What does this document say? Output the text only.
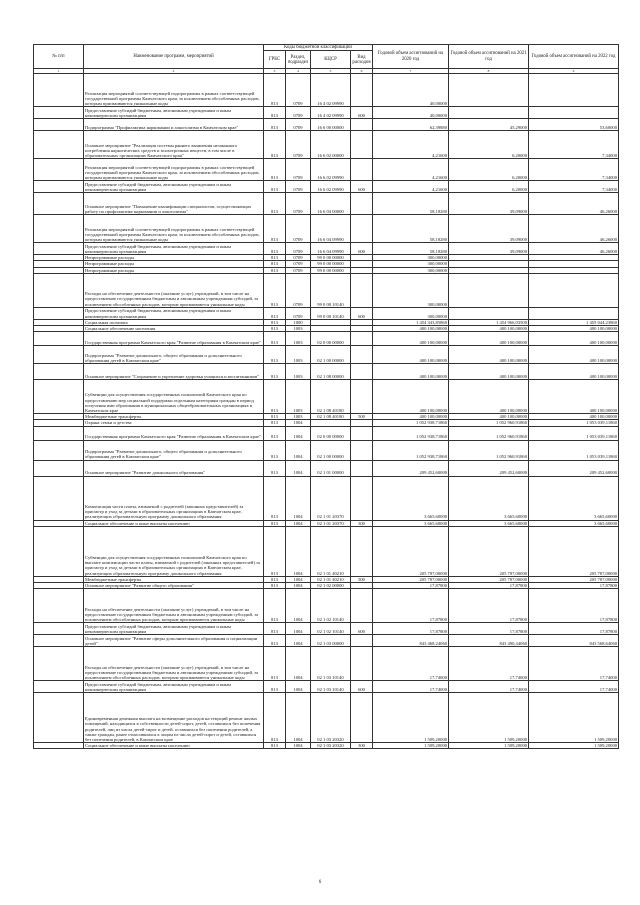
№ п/п	Наименование программ, мероприятий	Коды бюджетной классификации				Годовой объем ассигнований на 2020 год	Годовой объем ассигнований на 2021 год	Годовой объем ассигнований на 2022 год
		ГРБС	Раздел, подраздел	КЦСР	Вид расходов			
1	2	3	4	5	6	7	8	9
	Реализация мероприятий соответствующей подпрограммы в рамках соответствующей государственной программы Камчатского края, за исключением обособленных расходов, которым присваиваются уникальные коды	813	0709	16 4 02 09990		40,00000		
	Предоставление субсидий бюджетным, автономным учреждениям и иным некоммерческим организациям	813	0709	16 4 02 09990	600	40,00000		
	Подпрограмма "Профилактика наркомании и алкоголизма в Камчатском крае"	813	0709	16 6 00 00000		62,39880	45,29000	53,60000
	Основное мероприятие "Реализация системы раннего выявления незаконного потребления наркотических средств и психотропных веществ, в том числе в образовательных организациях Камчатского края"	813	0709	16 6 02 00000		4,21600	6,20000	7,34000
	Реализация мероприятий соответствующей подпрограммы в рамках соответствующей государственной программы Камчатского края, за исключением обособленных расходов, которым присваиваются уникальные коды	813	0709	16 6 02 09990		4,21600	6,20000	7,34000
	Предоставление субсидий бюджетным, автономным учреждениям и иным некоммерческим организациям	813	0709	16 6 02 09990	600	4,21600	6,20000	7,34000
	Основное мероприятие "Повышение квалификации специалистов, осуществляющих работу по профилактике наркомании и алкоголизма"	813	0709	16 6 04 00000		58,18280	39,09000	46,26000
	Реализация мероприятий соответствующей подпрограммы в рамках соответствующей государственной программы Камчатского края, за исключением обособленных расходов, которым присваиваются уникальные коды	813	0709	16 6 04 09990		58,18280	39,09000	46,26000
	Предоставление субсидий бюджетным, автономным учреждениям и иным некоммерческим организациям	813	0709	16 6 04 09990	600	58,18280	39,09000	46,26000
	Непрограммные расходы	813	0709	99 0 00 00000		300,00000		
	Непрограммные расходы	813	0709	99 0 00 00000		300,00000		
	Непрограммные расходы	813	0709	99 0 00 00000		300,00000		
	Расходы на обеспечение деятельности (оказание услуг) учреждений, в том числе на предоставление государственным бюджетным и автономным учреждениям субсидий, за исключением обособленных расходов, которым присваиваются уникальные коды	813	0709	99 0 00 10140		300,00000		
	Предоставление субсидий бюджетным, автономным учреждениям и иным некоммерческим организациям	813	0709	99 0 00 10140	600	300,00000		
	Социальная политика	813	1000			1 454 343,85860	1 454 966,03500	1 455 044,23860
	Социальное обеспечение населения	813	1003			400 100,00000	400 100,00000	400 100,00000
	Государственная программа Камчатского края "Развитие образования в Камчатском крае"	813	1003	02 0 00 00000		400 100,00000	400 100,00000	400 100,00000
	Подпрограмма "Развитие дошкольного, общего образования и дополнительного образования детей в Камчатском крае"	813	1003	02 1 00 00000		400 100,00000	400 100,00000	400 100,00000
	Основное мероприятие "Сохранение и укрепление здоровья учащихся и воспитанников"	813	1003	02 1 08 00000		400 100,00000	400 100,00000	400 100,00000
	Субвенции для осуществления государственных полномочий Камчатского края по предоставлению мер социальной поддержки отдельным категориям граждан в период получения ими образования в муниципальных общеобразовательных организациях в Камчатском крае	813	1003	02 1 08 40180		400 100,00000	400 100,00000	400 100,00000
	Межбюджетные трансферты	813	1003	02 1 08 40180	500	400 100,00000	400 100,00000	400 100,00000
	Охрана семьи и детства	813	1004			1 052 938,71860	1 052 960,91860	1 053 039,11860
	Государственная программа Камчатского края "Развитие образования в Камчатском крае"	813	1004	02 0 00 00000		1 052 938,71860	1 052 960,91860	1 053 039,11860
	Подпрограмма "Развитие дошкольного, общего образования и дополнительного образования детей в Камчатском крае"	813	1004	02 1 00 00000		1 052 938,71860	1 052 960,91860	1 053 039,11860
	Основное мероприятие "Развитие дошкольного образования"	813	1004	02 1 01 00000		209 452,60000	209 452,60000	209 452,60000
	Компенсация части платы, взимаемой с родителей (законных представителей) за присмотр и уход за детьми в образовательных организациях в Камчатском крае, реализующих образовательную программу дошкольного образования	813	1004	02 1 01 20370		3 665,60000	3 665,60000	3 665,60000
	Социальное обеспечение и иные выплаты населению	813	1004	02 1 01 20370	300	3 665,60000	3 665,60000	3 665,60000
	Субвенции для осуществления государственных полномочий Камчатского края по выплате компенсации части платы, взимаемой с родителей (законных представителей) за присмотр и уход за детьми в образовательных организациях в Камчатском крае, реализующих образовательную программу дошкольного образования	813	1004	02 1 01 40210		205 787,00000	205 787,00000	205 787,00000
	Межбюджетные трансферты	813	1004	02 1 01 40210	500	205 787,00000	205 787,00000	205 787,00000
	Основное мероприятие "Развитие общего образования"	813	1004	02 1 02 00000		17,87800	17,87800	17,87800
	Расходы на обеспечение деятельности (оказание услуг) учреждений, в том числе на предоставление государственным бюджетным и автономным учреждениям субсидий, за исключением обособленных расходов, которым присваиваются уникальные коды	813	1004	02 1 02 10140		17,87800	17,87800	17,87800
	Предоставление субсидий бюджетным, автономным учреждениям и иным некоммерческим организациям	813	1004	02 1 02 10140	600	17,87800	17,87800	17,87800
	Основное мероприятие "Развитие сферы дополнительного образования и социализации детей"	813	1004	02 1 03 00000		843 468,24060	843 490,44060	843 568,64060
	Расходы на обеспечение деятельности (оказание услуг) учреждений, в том числе на предоставление государственным бюджетным и автономным учреждениям субсидий, за исключением обособленных расходов, которым присваиваются уникальные коды	813	1004	02 1 03 10140		17,74000	17,74000	17,74000
	Предоставление субсидий бюджетным, автономным учреждениям и иным некоммерческим организациям	813	1004	02 1 03 10140	600	17,74000	17,74000	17,74000
	Единовременная денежная выплата на возмещение расходов на текущий ремонт жилых помещений, находящихся в собственности детей-сирот, детей, оставшихся без попечения родителей, лиц из числа детей-сирот и детей, оставшихся без попечения родителей, а также граждан, ранее относившихся к лицам из числа детей-сирот и детей, оставшихся без попечения родителей, в Камчатском крае	813	1004	02 1 03 20320		1 509,20000	1 509,20000	1 509,20000
	Социальное обеспечение и иные выплаты населению	813	1004	02 1 03 20320	300	1 509,20000	1 509,20000	1 509,20000
6
